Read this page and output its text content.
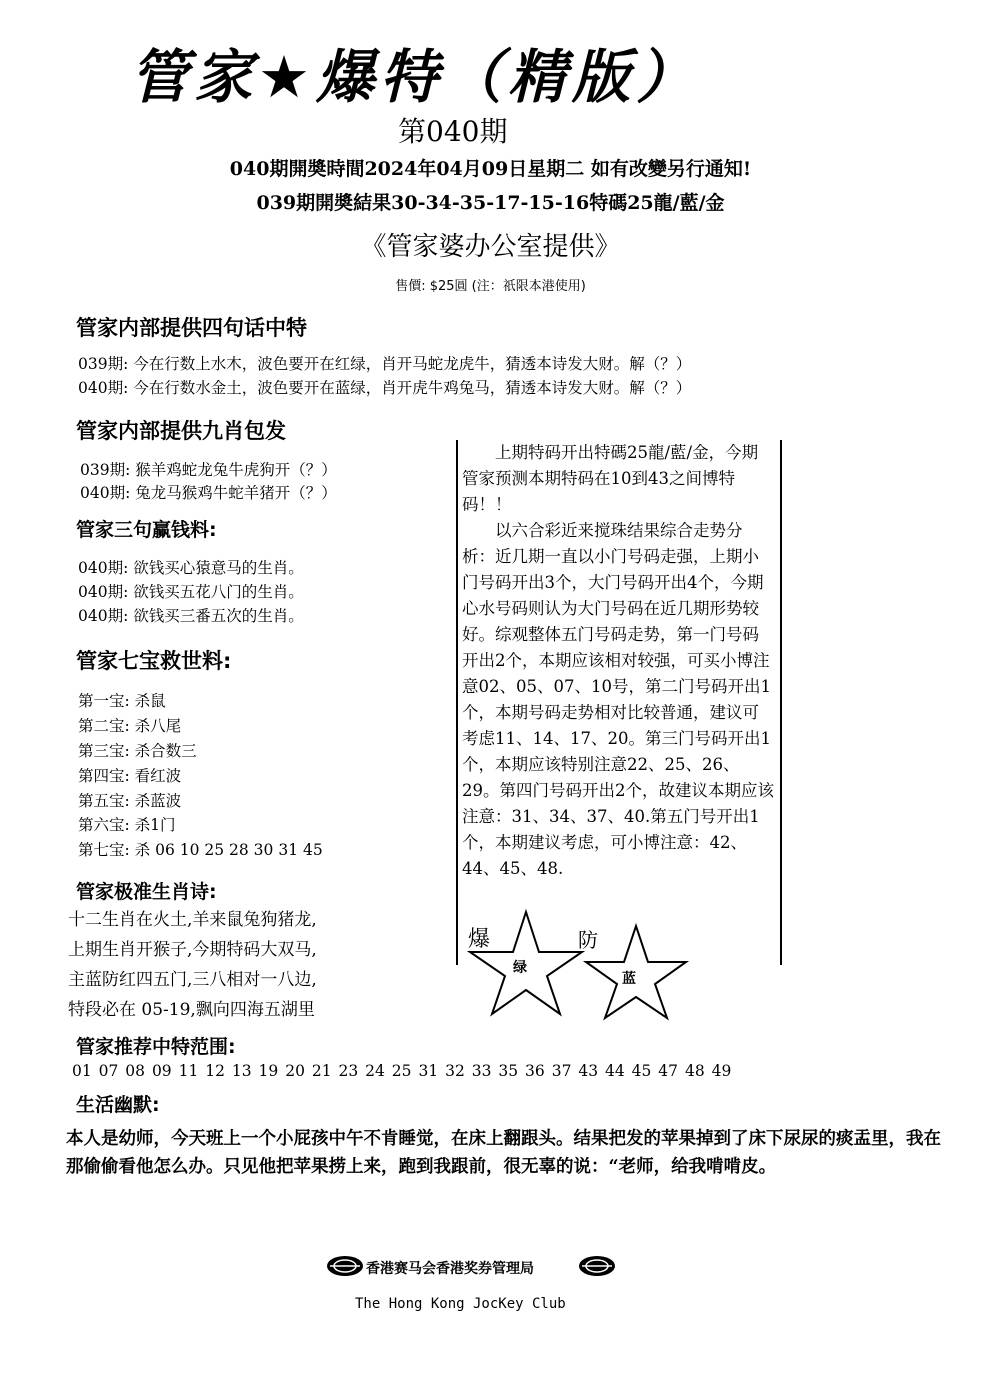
管家★爆特（精版）
第040期
040期開奬時間2024年04月09日星期二 如有改變另行通知!
039期開奬結果30-34-35-17-15-16特碼25龍/藍/金
《管家婆办公室提供》
售價: $25圓 (注：祇限本港使用)
管家内部提供四句话中特
039期: 今在行数上水木，波色要开在红绿，肖开马蛇龙虎牛，猜透本诗发大财。解（？）
040期: 今在行数水金土，波色要开在蓝绿，肖开虎牛鸡兔马，猜透本诗发大财。解（？）
管家内部提供九肖包发
039期: 猴羊鸡蛇龙兔牛虎狗开（？）
040期: 兔龙马猴鸡牛蛇羊猪开（？）
管家三句赢钱料:
040期: 欲钱买心猿意马的生肖。
040期: 欲钱买五花八门的生肖。
040期: 欲钱买三番五次的生肖。
管家七宝救世料:
第一宝: 杀鼠
第二宝: 杀八尾
第三宝: 杀合数三
第四宝: 看红波
第五宝: 杀蓝波
第六宝: 杀1门
第七宝: 杀 06 10 25 28 30 31 45
管家极准生肖诗:
十二生肖在火土,羊来鼠兔狗猪龙,
上期生肖开猴子,今期特码大双马,
主蓝防红四五门,三八相对一八边,
特段必在 05-19,飘向四海五湖里

上期特码开出特碼25龍/藍/金，今期管家预测本期特码在10到43之间博特码！！

以六合彩近来搅珠结果综合走势分析：近几期一直以小门号码走强，上期小门号码开出3个，大门号码开出4个，今期心水号码则认为大门号码在近几期形势较好。综观整体五门号码走势，第一门号码开出2个，本期应该相对较强，可买小博注意02、05、07、10号，第二门号码开出1个，本期号码走势相对比较普通，建议可考虑11、14、17、20。第三门号码开出1个，本期应该特别注意22、25、26、29。第四门号码开出2个，故建议本期应该注意：31、34、37、40.第五门号开出1个，本期建议考虑，可小博注意：42、44、45、48.

爆
绿
防
蓝
管家推荐中特范围:
01 07 08 09 11 12 13 19 20 21 23 24 25 31 32 33 35 36 37 43 44 45 47 48 49
生活幽默:
本人是幼师，今天班上一个小屁孩中午不肯睡觉，在床上翻跟头。结果把发的苹果掉到了床下尿尿的痰盂里，我在那偷偷看他怎么办。只见他把苹果捞上来，跑到我跟前，很无辜的说：“老师，给我啃啃皮。
香港赛马会香港奖券管理局
The Hong Kong JocKey Club
